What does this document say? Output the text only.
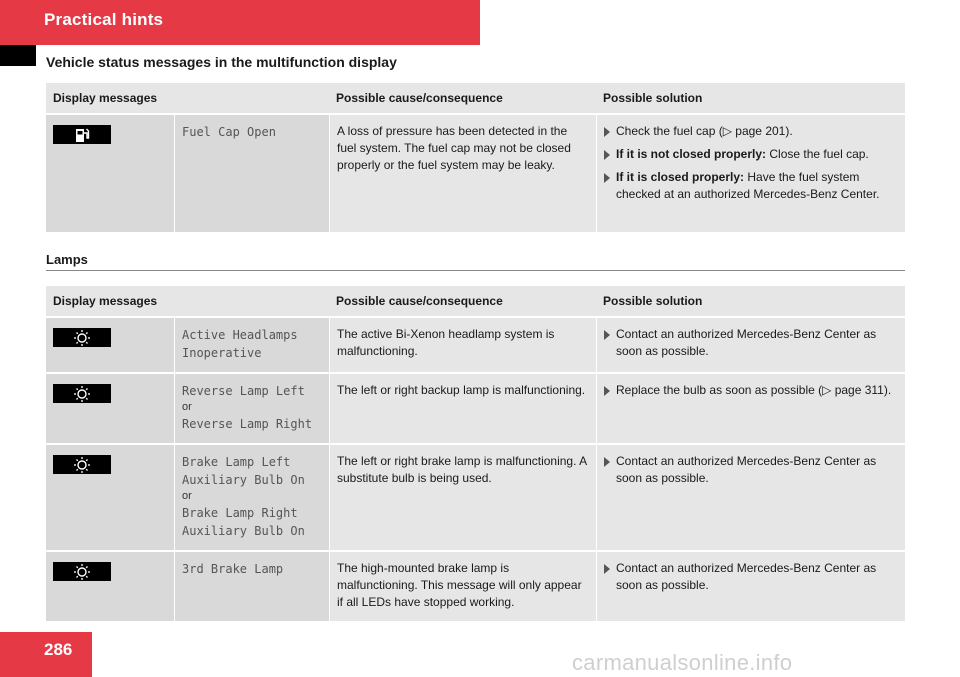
Practical hints
Vehicle status messages in the multifunction display
Display messages		Possible cause/consequence	Possible solution

	Fuel Cap Open	A loss of pressure has been detected in the fuel system. The fuel cap may not be closed properly or the fuel system may be leaky.	Check the fuel cap (▷ page 201).
If it is not closed properly: Close the fuel cap.
If it is closed properly: Have the fuel system checked at an authorized Mercedes-Benz Center.
Lamps
Display messages		Possible cause/consequence	Possible solution

Active Headlamps
Inoperative	The active Bi-Xenon headlamp system is malfunctioning.	Contact an authorized Mercedes-Benz Center as soon as possible.

Reverse Lamp Left
or
Reverse Lamp Right	The left or right backup lamp is malfunctioning.	Replace the bulb as soon as possible (▷ page 311).

Brake Lamp Left
Auxiliary Bulb On
or
Brake Lamp Right
Auxiliary Bulb On	The left or right brake lamp is malfunctioning. A substitute bulb is being used.	Contact an authorized Mercedes-Benz Center as soon as possible.

3rd Brake Lamp	The high-mounted brake lamp is malfunctioning. This message will only appear if all LEDs have stopped working.	Contact an authorized Mercedes-Benz Center as soon as possible.
286
carmanualsonline.info
